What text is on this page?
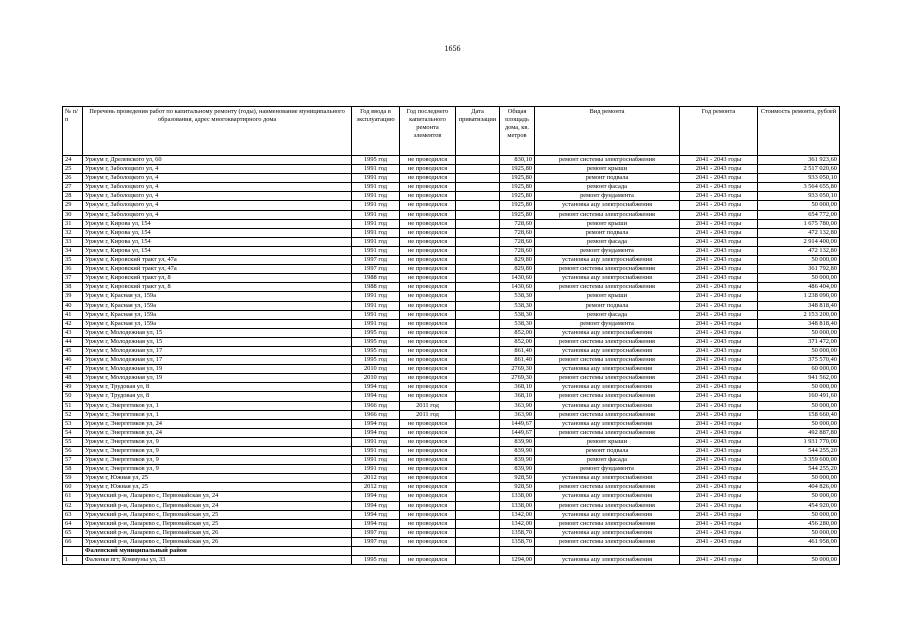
1656
№ п/п	Перечень проведения работ по капитальному ремонту (годы), наименование муниципального образования, адрес многоквартирного дома	Год ввода в эксплуатацию	Год последнего капитального ремонта элементов	Дата приватизации	Общая площадь дома, кв. метров	Вид ремонта	Год ремонта	Стоимость ремонта, рублей
24	Уржум г, Дрелевского ул, 60	1995 год	не проводился		830,10	ремонт системы электроснабжения	2041 - 2043 годы	361 923,60
25	Уржум г, Заболоцкого ул, 4	1991 год	не проводился		1925,80	ремонт крыши	2041 - 2043 годы	2 517 020,60
26	Уржум г, Заболоцкого ул, 4	1991 год	не проводился		1925,80	ремонт подвала	2041 - 2043 годы	933 050,10
27	Уржум г, Заболоцкого ул, 4	1991 год	не проводился		1925,80	ремонт фасада	2041 - 2043 годы	3 564 655,80
28	Уржум г, Заболоцкого ул, 4	1991 год	не проводился		1925,80	ремонт фундамента	2041 - 2043 годы	933 050,10
29	Уржум г, Заболоцкого ул, 4	1991 год	не проводился		1925,80	установка ацу электроснабжения	2041 - 2043 годы	50 000,00
30	Уржум г, Заболоцкого ул, 4	1991 год	не проводился		1925,80	ремонт системы электроснабжения	2041 - 2043 годы	654 772,00
31	Уржум г, Кирова ул, 154	1991 год	не проводился		728,60	ремонт крыши	2041 - 2043 годы	1 675 780,00
32	Уржум г, Кирова ул, 154	1991 год	не проводился		728,60	ремонт подвала	2041 - 2043 годы	472 132,80
33	Уржум г, Кирова ул, 154	1991 год	не проводился		728,60	ремонт фасада	2041 - 2043 годы	2 914 400,00
34	Уржум г, Кирова ул, 154	1991 год	не проводился		728,60	ремонт фундамента	2041 - 2043 годы	472 132,80
35	Уржум г, Кировский тракт ул, 47а	1997 год	не проводился		829,80	установка ацу электроснабжения	2041 - 2043 годы	50 000,00
36	Уржум г, Кировский тракт ул, 47а	1997 год	не проводился		829,80	ремонт системы электроснабжения	2041 - 2043 годы	361 792,80
37	Уржум г, Кировский тракт ул, 8	1988 год	не проводился		1430,60	установка ацу электроснабжения	2041 - 2043 годы	50 000,00
38	Уржум г, Кировский тракт ул, 8	1988 год	не проводился		1430,60	ремонт системы электроснабжения	2041 - 2043 годы	486 404,00
39	Уржум г, Красная ул, 159а	1991 год	не проводился		538,30	ремонт крыши	2041 - 2043 годы	1 238 090,00
40	Уржум г, Красная ул, 159а	1991 год	не проводился		538,30	ремонт подвала	2041 - 2043 годы	348 818,40
41	Уржум г, Красная ул, 159а	1991 год	не проводился		538,30	ремонт фасада	2041 - 2043 годы	2 153 200,00
42	Уржум г, Красная ул, 159а	1991 год	не проводился		538,30	ремонт фундамента	2041 - 2043 годы	348 818,40
43	Уржум г, Молодежная ул, 15	1995 год	не проводился		852,00	установка ацу электроснабжения	2041 - 2043 годы	50 000,00
44	Уржум г, Молодежная ул, 15	1995 год	не проводился		852,00	ремонт системы электроснабжения	2041 - 2043 годы	371 472,00
45	Уржум г, Молодежная ул, 17	1995 год	не проводился		861,40	установка ацу электроснабжения	2041 - 2043 годы	50 000,00
46	Уржум г, Молодежная ул, 17	1995 год	не проводился		861,40	ремонт системы электроснабжения	2041 - 2043 годы	375 570,40
47	Уржум г, Молодежная ул, 19	2010 год	не проводился		2769,30	установка ацу электроснабжения	2041 - 2043 годы	60 000,00
48	Уржум г, Молодежная ул, 19	2010 год	не проводился		2769,30	ремонт системы электроснабжения	2041 - 2043 годы	941 562,00
49	Уржум г, Трудовая ул, 8	1994 год	не проводился		368,10	установка ацу электроснабжения	2041 - 2043 годы	50 000,00
50	Уржум г, Трудовая ул, 8	1994 год	не проводился		368,10	ремонт системы электроснабжения	2041 - 2043 годы	160 491,60
51	Уржум г, Энергетиков ул, 1	1966 год	2011 год		363,90	установка ацу электроснабжения	2041 - 2043 годы	50 000,00
52	Уржум г, Энергетиков ул, 1	1966 год	2011 год		363,90	ремонт системы электроснабжения	2041 - 2043 годы	158 660,40
53	Уржум г, Энергетиков ул, 24	1994 год	не проводился		1449,67	установка ацу электроснабжения	2041 - 2043 годы	50 000,00
54	Уржум г, Энергетиков ул, 24	1994 год	не проводился		1449,67	ремонт системы электроснабжения	2041 - 2043 годы	492 887,80
55	Уржум г, Энергетиков ул, 9	1991 год	не проводился		839,90	ремонт крыши	2041 - 2043 годы	1 931 770,00
56	Уржум г, Энергетиков ул, 9	1991 год	не проводился		839,90	ремонт подвала	2041 - 2043 годы	544 255,20
57	Уржум г, Энергетиков ул, 9	1991 год	не проводился		839,90	ремонт фасада	2041 - 2043 годы	3 359 600,00
58	Уржум г, Энергетиков ул, 9	1991 год	не проводился		839,90	ремонт фундамента	2041 - 2043 годы	544 255,20
59	Уржум г, Южная ул, 25	2012 год	не проводился		928,50	установка ацу электроснабжения	2041 - 2043 годы	50 000,00
60	Уржум г, Южная ул, 25	2012 год	не проводился		928,50	ремонт системы электроснабжения	2041 - 2043 годы	404 826,00
61	Уржумский р-н, Лазарево с, Первомайская ул, 24	1994 год	не проводился		1338,00	установка ацу электроснабжения	2041 - 2043 годы	50 000,00
62	Уржумский р-н, Лазарево с, Первомайская ул, 24	1994 год	не проводился		1338,00	ремонт системы электроснабжения	2041 - 2043 годы	454 920,00
63	Уржумский р-н, Лазарево с, Первомайская ул, 25	1994 год	не проводился		1342,00	установка ацу электроснабжения	2041 - 2043 годы	50 000,00
64	Уржумский р-н, Лазарево с, Первомайская ул, 25	1994 год	не проводился		1342,00	ремонт системы электроснабжения	2041 - 2043 годы	456 280,00
65	Уржумский р-н, Лазарево с, Первомайская ул, 26	1997 год	не проводился		1358,70	установка ацу электроснабжения	2041 - 2043 годы	50 000,00
66	Уржумский р-н, Лазарево с, Первомайская ул, 26	1997 год	не проводился		1358,70	ремонт системы электроснабжения	2041 - 2043 годы	461 958,00
	Фаленский муниципальный район							
1	Фаленки пгт, Коммуны ул, 33	1995 год	не проводился		1294,00	установка ацу электроснабжения	2041 - 2043 годы	50 000,00
